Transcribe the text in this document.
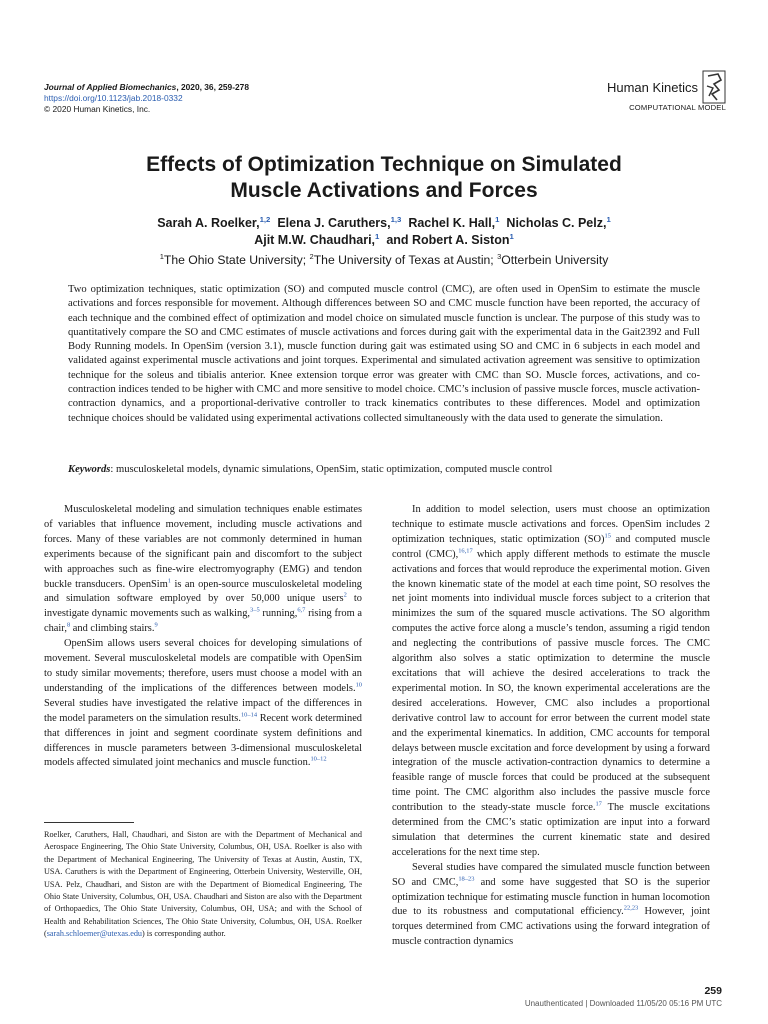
Journal of Applied Biomechanics, 2020, 36, 259-278
https://doi.org/10.1123/jab.2018-0332
© 2020 Human Kinetics, Inc.
Human Kinetics
COMPUTATIONAL MODEL
Effects of Optimization Technique on Simulated
Muscle Activations and Forces
Sarah A. Roelker,$^{1,2}$ Elena J. Caruthers,$^{1,3}$ Rachel K. Hall,$^1$ Nicholas C. Pelz,$^1$
Ajit M.W. Chaudhari,$^1$ and Robert A. Siston$^1$
$^1$The Ohio State University; $^2$The University of Texas at Austin; $^3$Otterbein University
Two optimization techniques, static optimization (SO) and computed muscle control (CMC), are often used in OpenSim to estimate the muscle activations and forces responsible for movement. Although differences between SO and CMC muscle function have been reported, the accuracy of each technique and the combined effect of optimization and model choice on simulated muscle function is unclear. The purpose of this study was to quantitatively compare the SO and CMC estimates of muscle activations and forces during gait with the experimental data in the Gait2392 and Full Body Running models. In OpenSim (version 3.1), muscle function during gait was estimated using SO and CMC in 6 subjects in each model and validated against experimental muscle activations and joint torques. Experimental and simulated activation agreement was sensitive to optimization technique for the soleus and tibialis anterior. Knee extension torque error was greater with CMC than SO. Muscle forces, activations, and co-contraction indices tended to be higher with CMC and more sensitive to model choice. CMC’s inclusion of passive muscle forces, muscle activation-contraction dynamics, and a proportional-derivative controller to track kinematics contributes to these differences. Model and optimization technique choices should be validated using experimental activations collected simultaneously with the data used to generate the simulation.
Keywords: musculoskeletal models, dynamic simulations, OpenSim, static optimization, computed muscle control

Musculoskeletal modeling and simulation techniques enable estimates of variables that influence movement, including muscle activations and forces. Many of these variables are not commonly determined in human experiments because of the significant pain and discomfort to the subject with approaches such as fine-wire electromyography (EMG) and tendon buckle transducers. OpenSim$^1$ is an open-source musculoskeletal modeling and simulation software employed by over 50,000 unique users$^2$ to investigate dynamic movements such as walking,$^{3-5}$ running,$^{6,7}$ rising from a chair,$^8$ and climbing stairs.$^9$

OpenSim allows users several choices for developing simulations of movement. Several musculoskeletal models are compatible with OpenSim to study similar movements; therefore, users must choose a model with an understanding of the implications of the differences between models.$^{10}$ Several studies have investigated the relative impact of the differences in the model parameters on the simulation results.$^{10-14}$ Recent work determined that differences in joint and segment coordinate system definitions and differences in muscle parameters between 3-dimensional musculoskeletal models affected simulated joint mechanics and muscle function.$^{10-12}$

Roelker, Caruthers, Hall, Chaudhari, and Siston are with the Department of Mechanical and Aerospace Engineering, The Ohio State University, Columbus, OH, USA. Roelker is also with the Department of Mechanical Engineering, The University of Texas at Austin, Austin, TX, USA. Caruthers is with the Department of Engineering, Otterbein University, Westerville, OH, USA. Pelz, Chaudhari, and Siston are with the Department of Biomedical Engineering, The Ohio State University, Columbus, OH, USA. Chaudhari and Siston are also with the Department of Orthopaedics, The Ohio State University, Columbus, OH, USA; and with the School of Health and Rehabilitation Sciences, The Ohio State University, Columbus, OH, USA. Roelker (sarah.schloemer@utexas.edu) is corresponding author.

In addition to model selection, users must choose an optimization technique to estimate muscle activations and forces. OpenSim includes 2 optimization techniques, static optimization (SO)$^{15}$ and computed muscle control (CMC),$^{16,17}$ which apply different methods to estimate the muscle activations and forces that would reproduce the experimental motion. Given the known kinematic state of the model at each time point, SO resolves the net joint moments into individual muscle forces subject to a criterion that minimizes the sum of the squared muscle activations. The SO algorithm computes the active force along a muscle’s tendon, assuming a rigid tendon and neglecting the contributions of passive muscle forces. The CMC algorithm also solves a static optimization to determine the muscle excitations that will achieve the desired accelerations to track the experimental motion. In SO, the known experimental accelerations are the desired accelerations. However, CMC also includes a proportional derivative control law to account for error between the current model state and the experimental kinematics. In addition, CMC accounts for temporal delays between muscle excitation and force development by using a forward integration of the muscle activation-contraction dynamics to determine a feasible range of muscle forces that could be produced at the subsequent time point. The CMC algorithm also includes the passive muscle force contribution to the steady-state muscle force.$^{17}$ The muscle excitations determined from the CMC’s static optimization are input into a forward simulation that determines the current kinematic state and desired accelerations for the next time step.

Several studies have compared the simulated muscle function between SO and CMC,$^{18-23}$ and some have suggested that SO is the superior optimization technique for estimating muscle function in human locomotion due to its robustness and computational efficiency.$^{22,23}$ However, joint torques determined from CMC activations using the forward integration of muscle contraction dynamics

259
Unauthenticated | Downloaded 11/05/20 05:16 PM UTC
